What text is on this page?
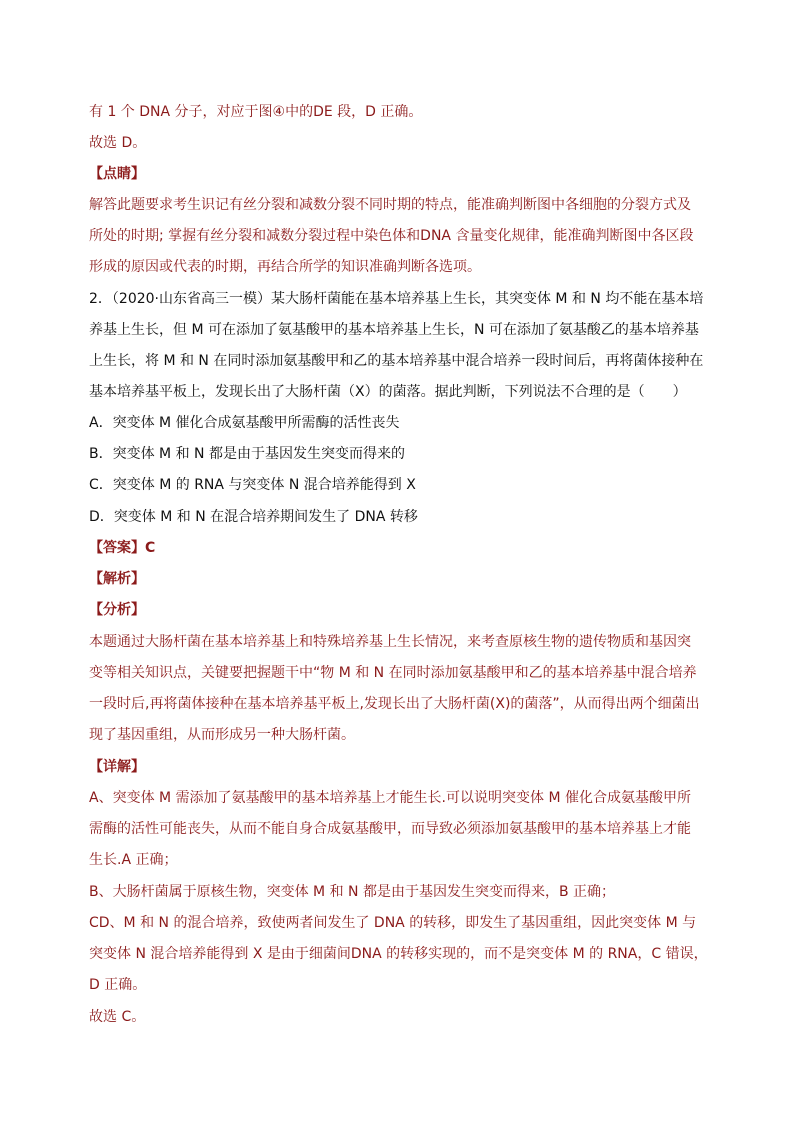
有 1 个 DNA 分子，对应于图④中的DE 段，D 正确。
故选 D。
【点睛】
解答此题要求考生识记有丝分裂和减数分裂不同时期的特点，能准确判断图中各细胞的分裂方式及
所处的时期; 掌握有丝分裂和减数分裂过程中染色体和DNA 含量变化规律，能准确判断图中各区段
形成的原因或代表的时期，再结合所学的知识准确判断各选项。
2．（2020·山东省高三一模）某大肠杆菌能在基本培养基上生长，其突变体 M 和 N 均不能在基本培
养基上生长，但 M 可在添加了氨基酸甲的基本培养基上生长，N 可在添加了氨基酸乙的基本培养基
上生长，将 M 和 N 在同时添加氨基酸甲和乙的基本培养基中混合培养一段时间后，再将菌体接种在
基本培养基平板上，发现长出了大肠杆菌（X）的菌落。据此判断，下列说法不合理的是（　　）
A．突变体 M 催化合成氨基酸甲所需酶的活性丧失
B．突变体 M 和 N 都是由于基因发生突变而得来的
C．突变体 M 的 RNA 与突变体 N 混合培养能得到 X
D．突变体 M 和 N 在混合培养期间发生了 DNA 转移
【答案】C
【解析】
【分析】
本题通过大肠杆菌在基本培养基上和特殊培养基上生长情况，来考查原核生物的遗传物质和基因突
变等相关知识点，关键要把握题干中“物 M 和 N 在同时添加氨基酸甲和乙的基本培养基中混合培养
一段时后,再将菌体接种在基本培养基平板上,发现长出了大肠杆菌(X)的菌落”，从而得出两个细菌出
现了基因重组，从而形成另一种大肠杆菌。
【详解】
A、突变体 M 需添加了氨基酸甲的基本培养基上才能生长.可以说明突变体 M 催化合成氨基酸甲所
需酶的活性可能丧失，从而不能自身合成氨基酸甲，而导致必须添加氨基酸甲的基本培养基上才能
生长.A 正确；
B、大肠杆菌属于原核生物，突变体 M 和 N 都是由于基因发生突变而得来，B 正确；
CD、M 和 N 的混合培养，致使两者间发生了 DNA 的转移，即发生了基因重组，因此突变体 M 与
突变体 N 混合培养能得到 X 是由于细菌间DNA 的转移实现的，而不是突变体 M 的 RNA，C 错误，
D 正确。
故选 C。
